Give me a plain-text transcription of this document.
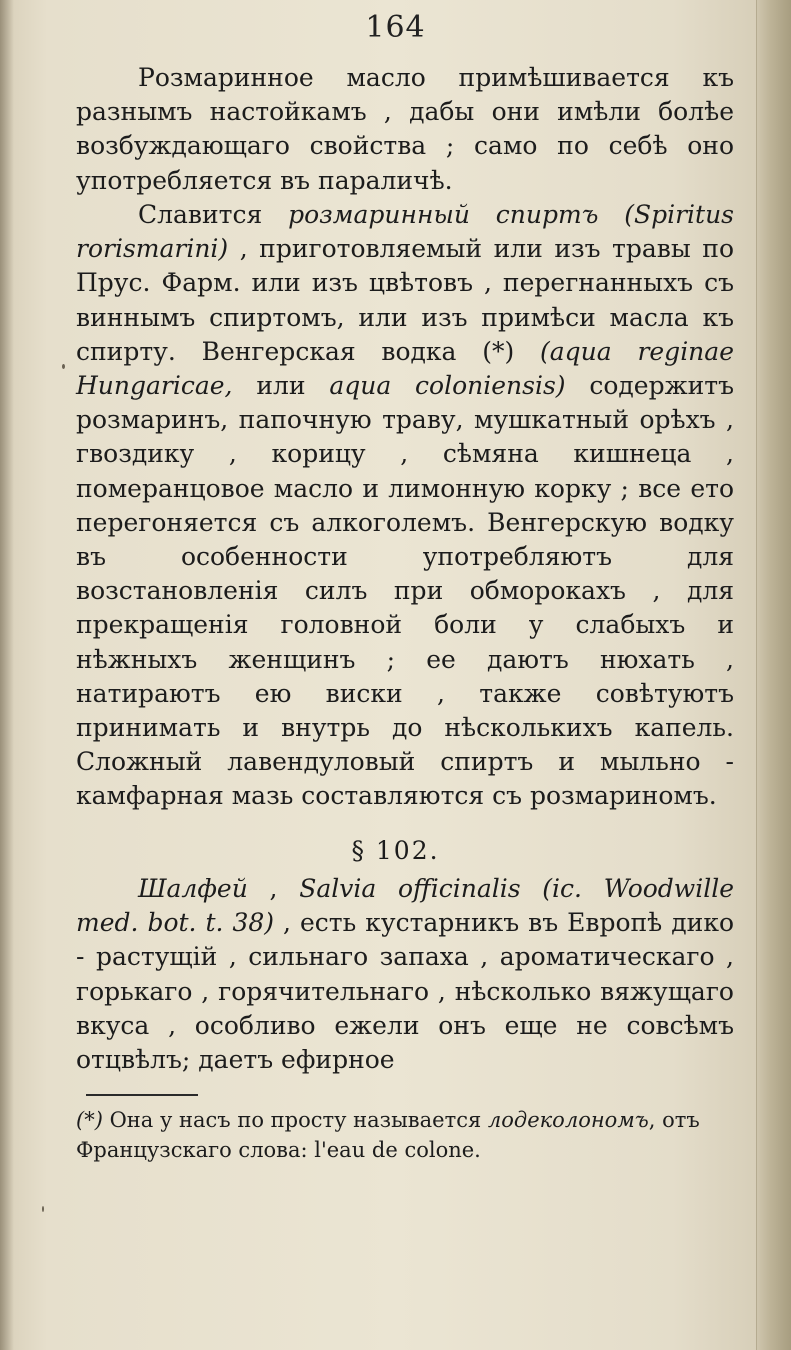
164

Розмаринное масло примѣшивается къ разнымъ настойкамъ , дабы они имѣли болѣе возбуждающаго свойства ; само по себѣ оно употребляется въ параличѣ.

Славится розмаринный спиртъ (Spiritus rorismarini) , приготовляемый или изъ травы по Прус. Фарм. или изъ цвѣтовъ , перегнанныхъ съ виннымъ спиртомъ, или изъ примѣси масла къ спирту. Венгерская водка (*) (aqua reginae Hungaricae, или aqua coloniensis) содержитъ розмаринъ, папочную траву, мушкатный орѣхъ , гвоздику , корицу , сѣмяна кишнеца , померанцовое масло и лимонную корку ; все ето перегоняется съ алкоголемъ. Венгерскую водку въ особенности употребляютъ для возстановленія силъ при обморокахъ , для прекращенія головной боли у слабыхъ и нѣжныхъ женщинъ ; ее даютъ нюхать , натираютъ ею виски , также совѣтуютъ принимать и внутрь до нѣсколькихъ капель. Сложный лавендуловый спиртъ и мыльно - камфарная мазь составляются съ розмариномъ.

§ 102.

Шалфей , Salvia officinalis (ic. Woodwille med. bot. t. 38) , есть кустарникъ въ Европѣ дико - растущій , сильнаго запаха , ароматическаго , горькаго , горячительнаго , нѣсколько вяжущаго вкуса , особливо ежели онъ еще не совсѣмъ отцвѣлъ; даетъ ефирное

(*) Она у насъ по просту называется лодеколономъ, отъ Французскаго слова: l'eau de colone.
